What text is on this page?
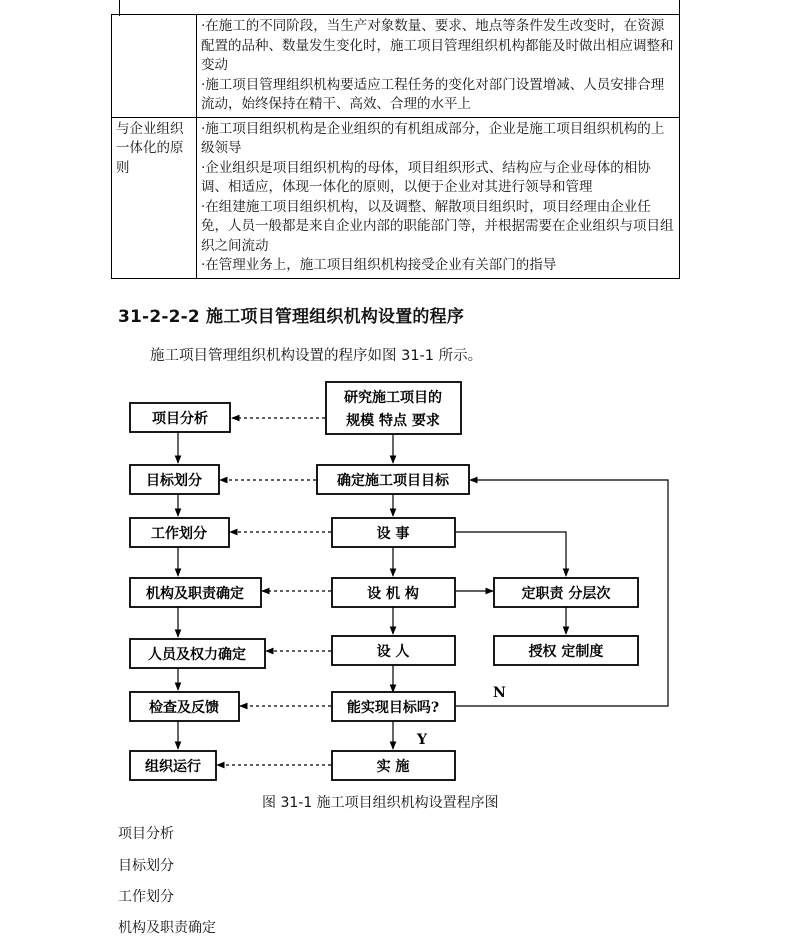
	·在施工的不同阶段，当生产对象数量、要求、地点等条件发生改变时，在资源配置的品种、数量发生变化时，施工项目管理组织机构都能及时做出相应调整和变动
·施工项目管理组织机构要适应工程任务的变化对部门设置增减、人员安排合理流动，始终保持在精干、高效、合理的水平上

与企业组织一体化的原则	·施工项目组织机构是企业组织的有机组成部分，企业是施工项目组织机构的上级领导
·企业组织是项目组织机构的母体，项目组织形式、结构应与企业母体的相协调、相适应，体现一体化的原则，以便于企业对其进行领导和管理
·在组建施工项目组织机构，以及调整、解散项目组织时，项目经理由企业任免，人员一般都是来自企业内部的职能部门等，并根据需要在企业组织与项目组织之间流动
·在管理业务上，施工项目组织机构接受企业有关部门的指导
31-2-2-2 施工项目管理组织机构设置的程序
施工项目管理组织机构设置的程序如图 31-1 所示。
项目分析
目标划分
工作划分
机构及职责确定
人员及权力确定
检查及反馈
组织运行
研究施工项目的
规模 特点 要求
确定施工项目目标
设 事
设 机 构
设 人
能实现目标吗?
实 施
定职责 分层次
授权 定制度
N
Y
图 31-1 施工项目组织机构设置程序图
项目分析
目标划分
工作划分
机构及职责确定
